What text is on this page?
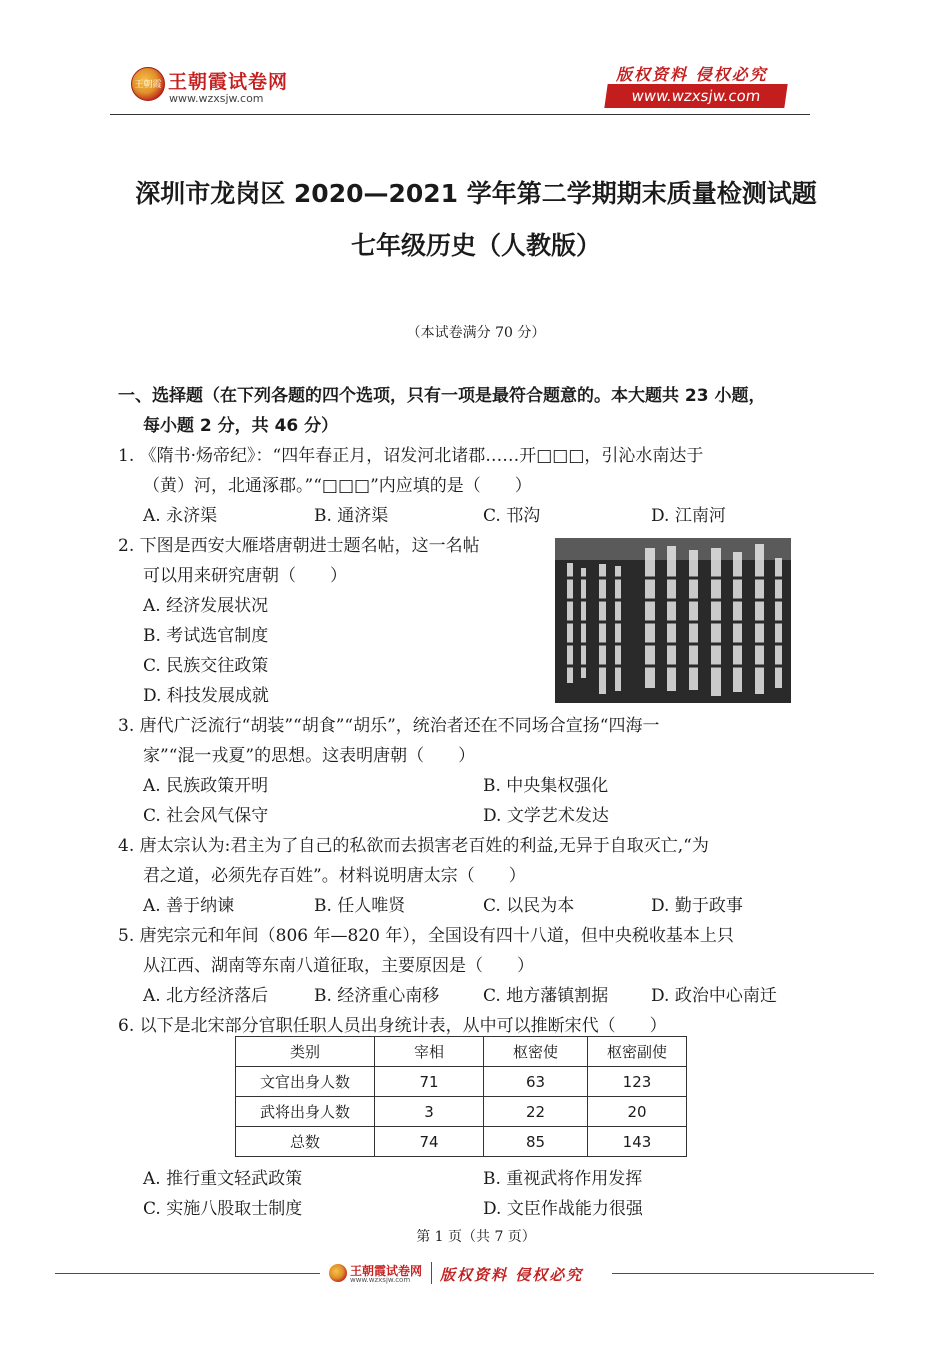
王朝霞 王朝霞试卷网
www.wzxsjw.com
版权资料 侵权必究
www.wzxsjw.com
深圳市龙岗区 2020—2021 学年第二学期期末质量检测试题
七年级历史（人教版）
（本试卷满分 70 分）
一、选择题（在下列各题的四个选项，只有一项是最符合题意的。本大题共 23 小题，
每小题 2 分，共 46 分）
1. 《隋书·炀帝纪》：“四年春正月，诏发河北诸郡……开□□□，引沁水南达于
（黄）河，北通涿郡。”“□□□”内应填的是（　　）
A. 永济渠	B. 通济渠	C. 邗沟	D. 江南河
2. 下图是西安大雁塔唐朝进士题名帖，这一名帖
可以用来研究唐朝（　　）
A. 经济发展状况
B. 考试选官制度
C. 民族交往政策
D. 科技发展成就
3. 唐代广泛流行“胡装”“胡食”“胡乐”，统治者还在不同场合宣扬“四海一
家”“混一戎夏”的思想。这表明唐朝（　　）
A. 民族政策开明	B. 中央集权强化
C. 社会风气保守	D. 文学艺术发达
4. 唐太宗认为:君主为了自己的私欲而去损害老百姓的利益,无异于自取灭亡,“为
君之道，必须先存百姓”。材料说明唐太宗（　　）
A. 善于纳谏	B. 任人唯贤	C. 以民为本	D. 勤于政事
5. 唐宪宗元和年间（806 年—820 年），全国设有四十八道，但中央税收基本上只
从江西、湖南等东南八道征取，主要原因是（　　）
A. 北方经济落后	B. 经济重心南移	C. 地方藩镇割据	D. 政治中心南迁
6. 以下是北宋部分官职任职人员出身统计表，从中可以推断宋代（　　）
类别	宰相	枢密使	枢密副使
文官出身人数	71	63	123
武将出身人数	3	22	20
总数	74	85	143
A. 推行重文轻武政策	B. 重视武将作用发挥
C. 实施八股取士制度	D. 文臣作战能力很强
第 1 页（共 7 页）
王朝霞试卷网
www.wzxsjw.com 版权资料 侵权必究
